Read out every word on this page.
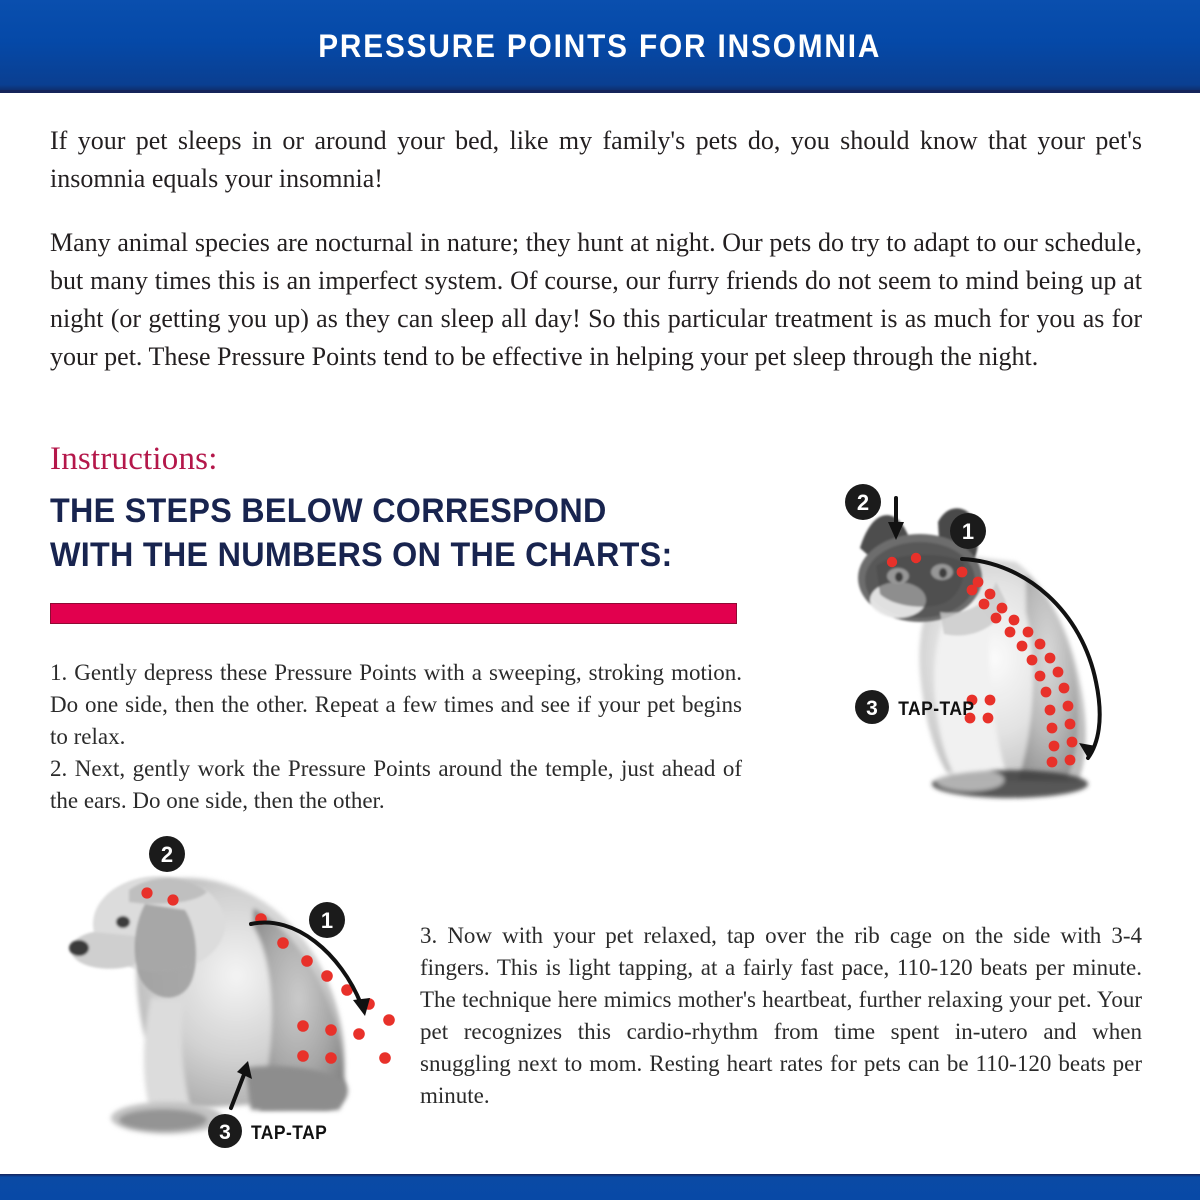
PRESSURE POINTS FOR INSOMNIA

If your pet sleeps in or around your bed, like my family's pets do, you should know that your pet's insomnia equals your insomnia!

Many animal species are nocturnal in nature; they hunt at night. Our pets do try to adapt to our schedule, but many times this is an imperfect system. Of course, our furry friends do not seem to mind being up at night (or getting you up) as they can sleep all day! So this particular treatment is as much for you as for your pet. These Pressure Points tend to be effective in helping your pet sleep through the night.

Instructions:
THE STEPS BELOW CORRESPOND
WITH THE NUMBERS ON THE CHARTS:

1. Gently depress these Pressure Points with a sweeping, stroking motion. Do one side, then the other. Repeat a few times and see if your pet begins to relax.

2. Next, gently work the Pressure Points around the temple, just ahead of the ears. Do one side, then the other.

3. Now with your pet relaxed, tap over the rib cage on the side with 3-4 fingers. This is light tapping, at a fairly fast pace, 110-120 beats per minute. The technique here mimics mother's heartbeat, further relaxing your pet. Your pet recognizes this cardio-rhythm from time spent in-utero and when snuggling next to mom. Resting heart rates for pets can be 110-120 beats per minute.

1
2
3 TAP-TAP
2
1
3 TAP-TAP
